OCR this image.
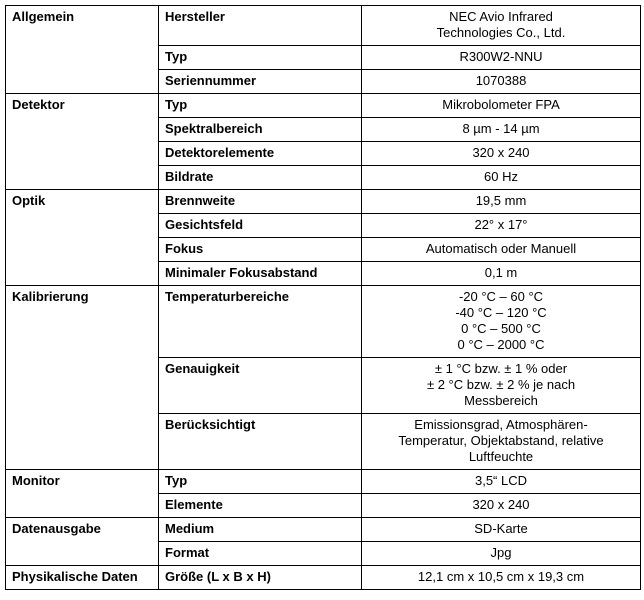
Allgemein	Hersteller	NEC Avio Infrared
Technologies Co., Ltd.

	Typ	R300W2-NNU

	Seriennummer	1070388

Detektor	Typ	Mikrobolometer FPA

	Spektralbereich	8 µm - 14 µm

	Detektorelemente	320 x 240

	Bildrate	60 Hz

Optik	Brennweite	19,5 mm

	Gesichtsfeld	22° x 17°

	Fokus	Automatisch oder Manuell

	Minimaler Fokusabstand	0,1 m

Kalibrierung	Temperaturbereiche	-20 °C – 60 °C
-40 °C – 120 °C
0 °C – 500 °C
0 °C – 2000 °C

	Genauigkeit	± 1 °C bzw. ± 1 % oder
± 2 °C bzw. ± 2 % je nach
Messbereich

	Berücksichtigt	Emissionsgrad, Atmosphären-
Temperatur, Objektabstand, relative
Luftfeuchte

Monitor	Typ	3,5“ LCD

	Elemente	320 x 240

Datenausgabe	Medium	SD-Karte

	Format	Jpg

Physikalische Daten	Größe (L x B x H)	12,1 cm x 10,5 cm x 19,3 cm
